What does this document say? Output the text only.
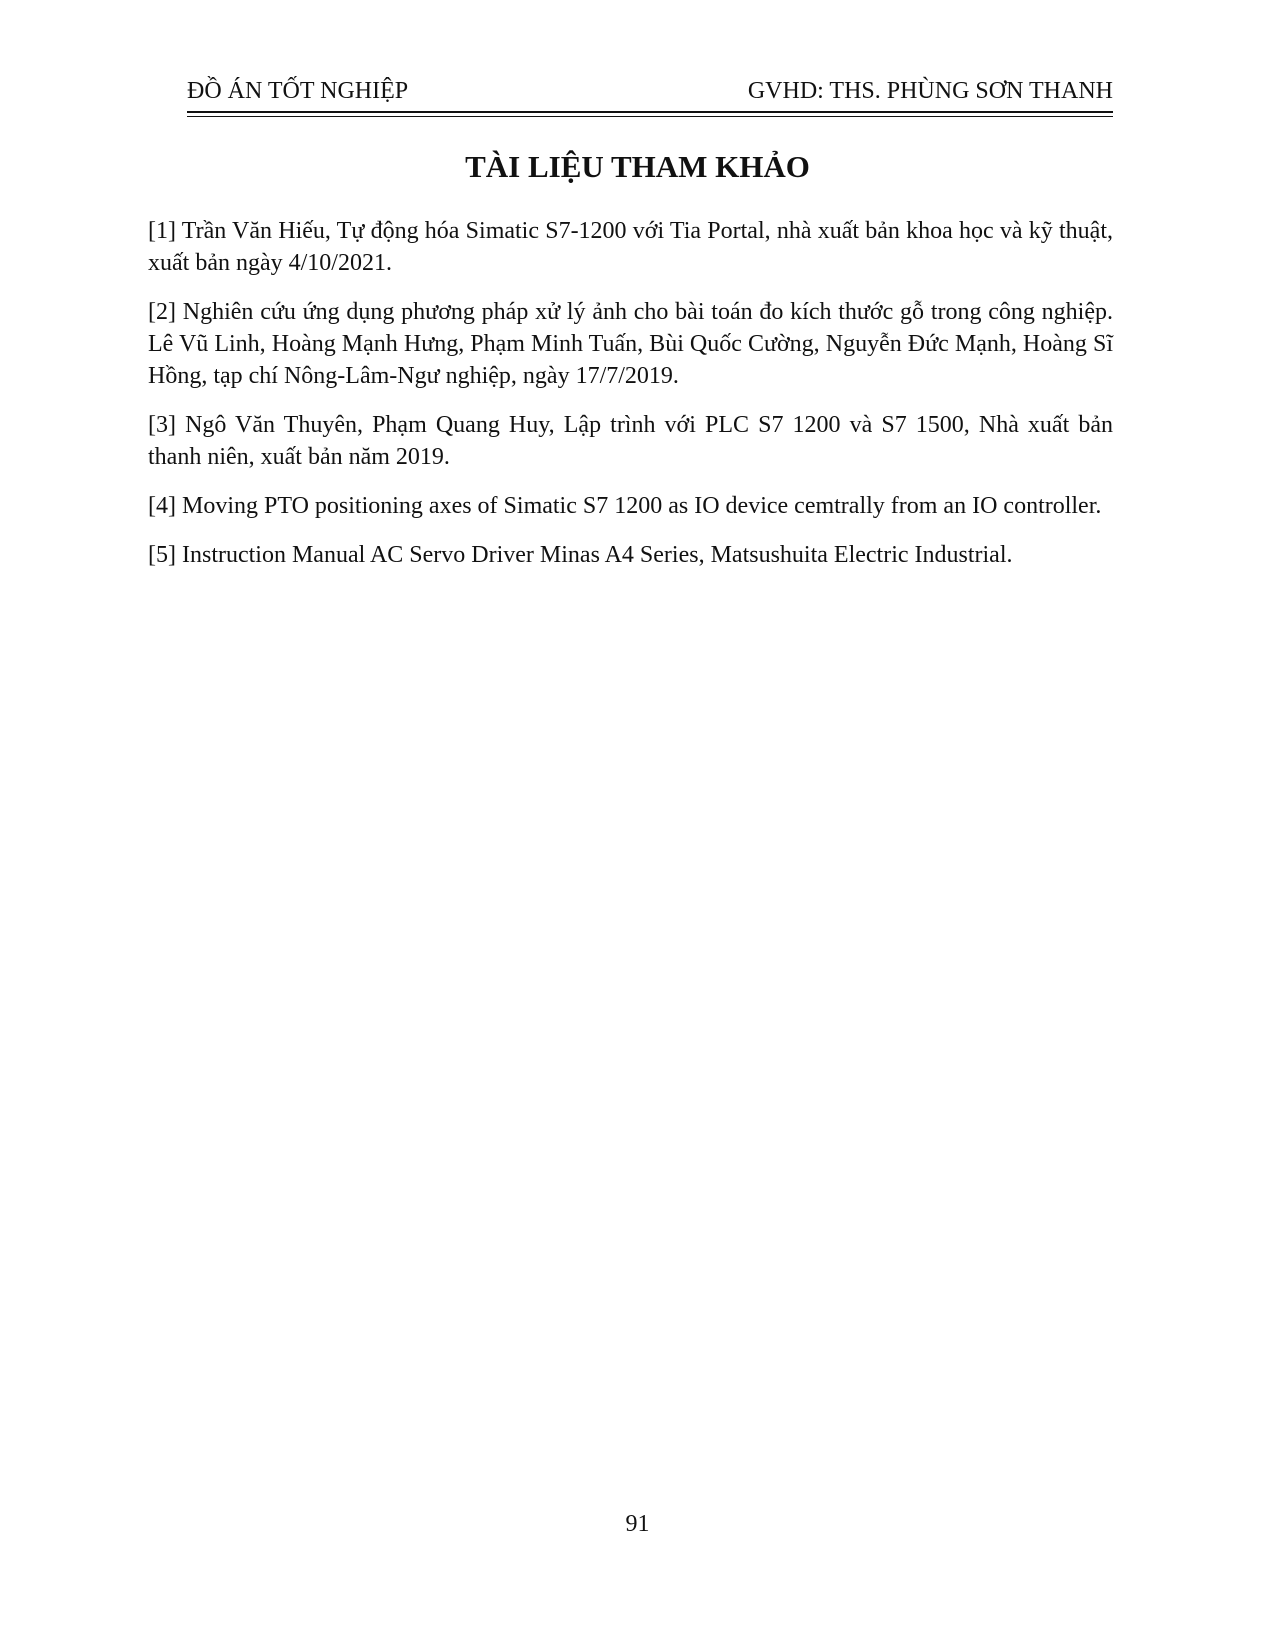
ĐỒ ÁN TỐT NGHIỆP	GVHD: THS. PHÙNG SƠN THANH
TÀI LIỆU THAM KHẢO
[1] Trần Văn Hiếu, Tự động hóa Simatic S7-1200 với Tia Portal, nhà xuất bản khoa học và kỹ thuật, xuất bản ngày 4/10/2021.
[2] Nghiên cứu ứng dụng phương pháp xử lý ảnh cho bài toán đo kích thước gỗ trong công nghiệp. Lê Vũ Linh, Hoàng Mạnh Hưng, Phạm Minh Tuấn, Bùi Quốc Cường, Nguyễn Đức Mạnh, Hoàng Sĩ Hồng, tạp chí Nông-Lâm-Ngư nghiệp, ngày 17/7/2019.
[3] Ngô Văn Thuyên, Phạm Quang Huy, Lập trình với PLC S7 1200 và S7 1500, Nhà xuất bản thanh niên, xuất bản năm 2019.
[4] Moving PTO positioning axes of Simatic S7 1200 as IO device cemtrally from an IO controller.
[5] Instruction Manual AC Servo Driver Minas A4 Series, Matsushuita Electric Industrial.
91
